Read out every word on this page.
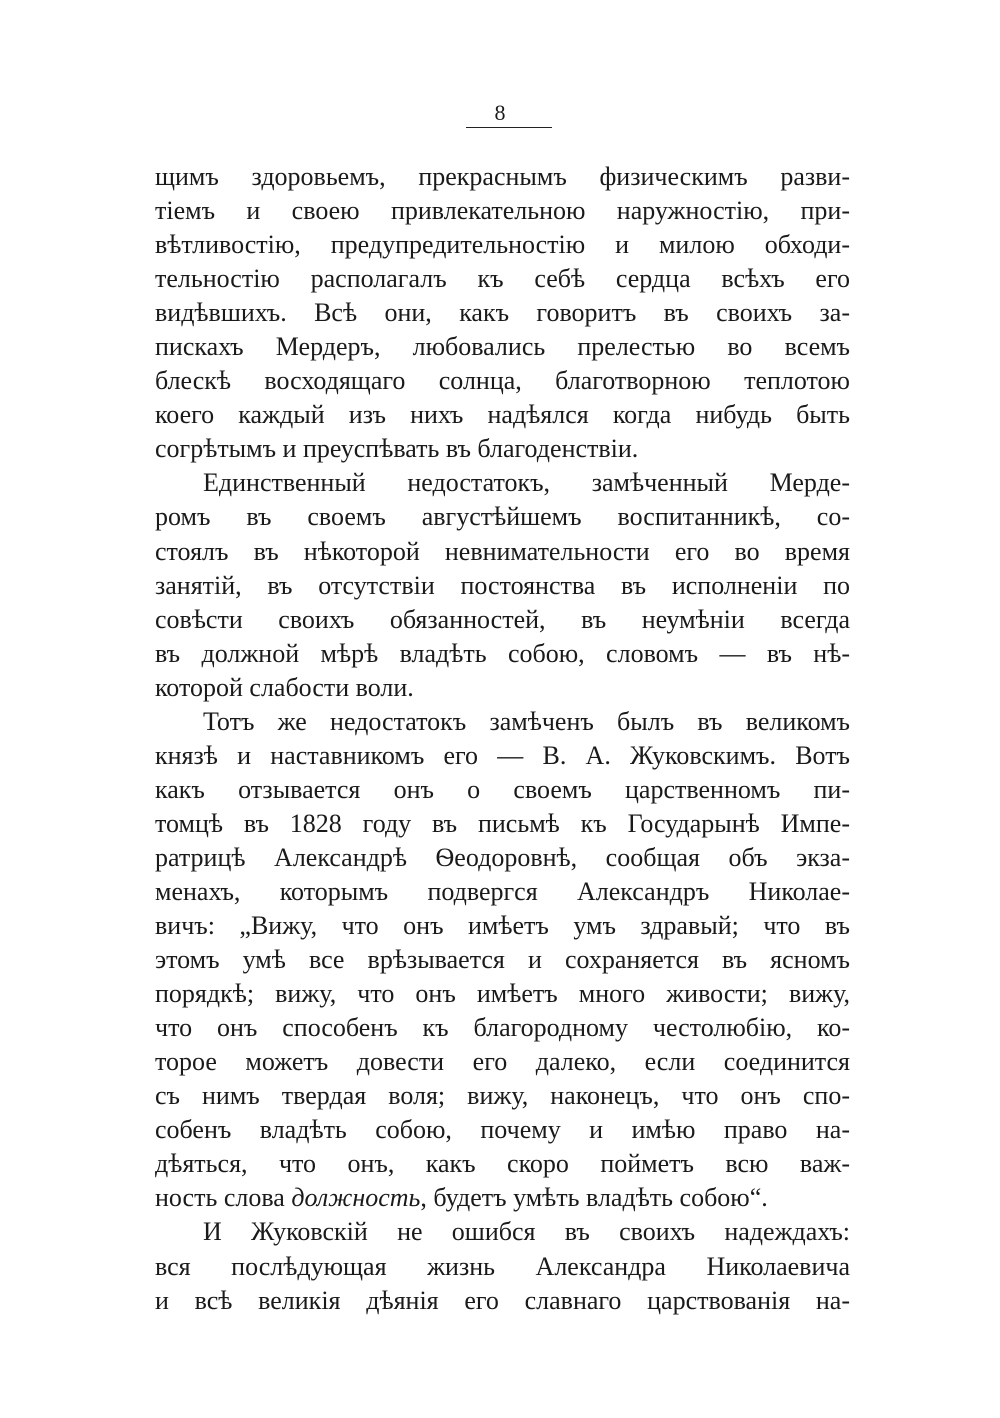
8
щимъ здоровьемъ, прекраснымъ физическимъ разви-
тiемъ и своею привлекательною наружностiю, при-
вѣтливостiю, предупредительностiю и милою обходи-
тельностiю располагалъ къ себѣ сердца всѣхъ его
видѣвшихъ. Всѣ они, какъ говоритъ въ своихъ за-
пискахъ Мердеръ, любовались прелестью во всемъ
блескѣ восходящаго солнца, благотворною теплотою
коего каждый изъ нихъ надѣялся когда нибудь быть
согрѣтымъ и преуспѣвать въ благоденствiи.
Единственный недостатокъ, замѣченный Мерде-
ромъ въ своемъ августѣйшемъ воспитанникѣ, со-
стоялъ въ нѣкоторой невнимательности его во время
занятiй, въ отсутствiи постоянства въ исполненiи по
совѣсти своихъ обязанностей, въ неумѣнiи всегда
въ должной мѣрѣ владѣть собою, словомъ — въ нѣ-
которой слабости воли.
Тотъ же недостатокъ замѣченъ былъ въ великомъ
князѣ и наставникомъ его — В. А. Жуковскимъ. Вотъ
какъ отзывается онъ о своемъ царственномъ пи-
томцѣ въ 1828 году въ письмѣ къ Государынѣ Импе-
ратрицѣ Александрѣ Ѳеодоровнѣ, сообщая объ экза-
менахъ, которымъ подвергся Александръ Николае-
вичъ: „Вижу, что онъ имѣетъ умъ здравый; что въ
этомъ умѣ все врѣзывается и сохраняется въ ясномъ
порядкѣ; вижу, что онъ имѣетъ много живости; вижу,
что онъ способенъ къ благородному честолюбiю, ко-
торое можетъ довести его далеко, если соединится
съ нимъ твердая воля; вижу, наконецъ, что онъ спо-
собенъ владѣть собою, почему и имѣю право на-
дѣяться, что онъ, какъ скоро пойметъ всю важ-
ность слова должность, будетъ умѣть владѣть собою“.
И Жуковскiй не ошибся въ своихъ надеждахъ:
вся послѣдующая жизнь Александра Николаевича
и всѣ великiя дѣянiя его славнаго царствованiя на-
